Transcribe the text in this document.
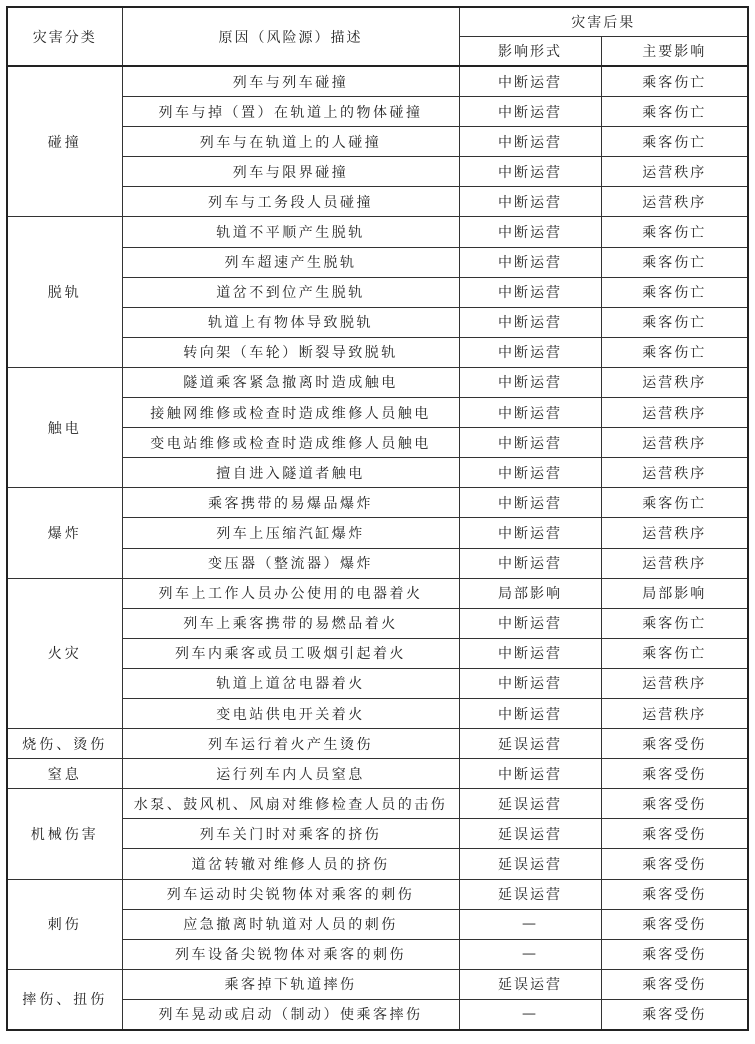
灾害分类	原因（风险源）描述	灾害后果	
		影响形式	主要影响
碰撞	列车与列车碰撞	中断运营	乘客伤亡
	列车与掉（置）在轨道上的物体碰撞	中断运营	乘客伤亡
	列车与在轨道上的人碰撞	中断运营	乘客伤亡
	列车与限界碰撞	中断运营	运营秩序
	列车与工务段人员碰撞	中断运营	运营秩序
脱轨	轨道不平顺产生脱轨	中断运营	乘客伤亡
	列车超速产生脱轨	中断运营	乘客伤亡
	道岔不到位产生脱轨	中断运营	乘客伤亡
	轨道上有物体导致脱轨	中断运营	乘客伤亡
	转向架（车轮）断裂导致脱轨	中断运营	乘客伤亡
触电	隧道乘客紧急撤离时造成触电	中断运营	运营秩序
	接触网维修或检查时造成维修人员触电	中断运营	运营秩序
	变电站维修或检查时造成维修人员触电	中断运营	运营秩序
	擅自进入隧道者触电	中断运营	运营秩序
爆炸	乘客携带的易爆品爆炸	中断运营	乘客伤亡
	列车上压缩汽缸爆炸	中断运营	运营秩序
	变压器（整流器）爆炸	中断运营	运营秩序
火灾	列车上工作人员办公使用的电器着火	局部影响	局部影响
	列车上乘客携带的易燃品着火	中断运营	乘客伤亡
	列车内乘客或员工吸烟引起着火	中断运营	乘客伤亡
	轨道上道岔电器着火	中断运营	运营秩序
	变电站供电开关着火	中断运营	运营秩序
烧伤、烫伤	列车运行着火产生烫伤	延误运营	乘客受伤
窒息	运行列车内人员窒息	中断运营	乘客受伤
机械伤害	水泵、鼓风机、风扇对维修检查人员的击伤	延误运营	乘客受伤
	列车关门时对乘客的挤伤	延误运营	乘客受伤
	道岔转辙对维修人员的挤伤	延误运营	乘客受伤
刺伤	列车运动时尖锐物体对乘客的刺伤	延误运营	乘客受伤
	应急撤离时轨道对人员的刺伤	—	乘客受伤
	列车设备尖锐物体对乘客的刺伤	—	乘客受伤
摔伤、扭伤	乘客掉下轨道摔伤	延误运营	乘客受伤
	列车晃动或启动（制动）使乘客摔伤	—	乘客受伤
